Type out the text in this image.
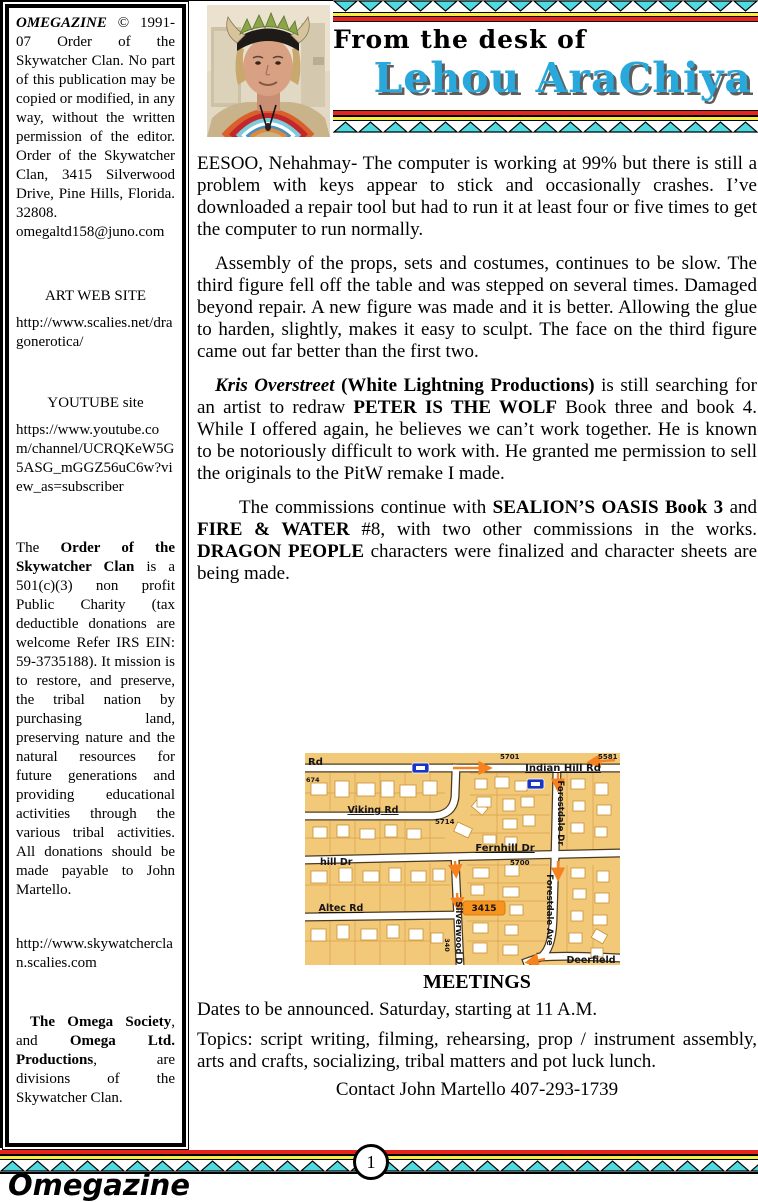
OMEGAZINE © 1991-07 Order of the Skywatcher Clan. No part of this publication may be copied or modified, in any way, without the written permission of the editor. Order of the Skywatcher Clan, 3415 Silverwood Drive, Pine Hills, Florida. 32808. omegaltd158@juno.com

ART WEB SITE

http://www.scalies.net/dragonerotica/

YOUTUBE site

https://www.youtube.com/channel/UCRQKeW5G5ASG_mGGZ56uC6w?view_as=subscriber

The Order of the Skywatcher Clan is a 501(c)(3) non profit Public Charity (tax deductible donations are welcome Refer IRS EIN: 59-3735188). It mission is to restore, and preserve, the tribal nation by purchasing land, preserving nature and the natural resources for future generations and providing educational activities through the various tribal activities. All donations should be made payable to John Martello.

http://www.skywatcherclan.scalies.com

The Omega Society, and Omega Ltd. Productions, are divisions of the Skywatcher Clan.

From the desk of
Lehou AraChiya

EESOO, Nehahmay- The computer is working at 99% but there is still a problem with keys appear to stick and occasionally crashes. I’ve downloaded a repair tool but had to run it at least four or five times to get the computer to run normally.

Assembly of the props, sets and costumes, continues to be slow. The third figure fell off the table and was stepped on several times. Damaged beyond repair. A new figure was made and it is better. Allowing the glue to harden, slightly, makes it easy to sculpt. The face on the third figure came out far better than the first two.

Kris Overstreet (White Lightning Productions) is still searching for an artist to redraw PETER IS THE WOLF Book three and book 4. While I offered again, he believes we can’t work together. He is known to be notoriously difficult to work with. He granted me permission to sell the originals to the PitW remake I made.

The commissions continue with SEALION’S OASIS Book 3 and FIRE & WATER #8, with two other commissions in the works. DRAGON PEOPLE characters were finalized and character sheets are being made.

Rd
674
5701	5581
Indian Hill Rd
Viking Rd
5714
Fernhill Dr
hill Dr	5700
Altec Rd	3415
Silverwood Dr
340
Forestdale Dr
Forestdale Ave
Deerfield

MEETINGS

Dates to be announced. Saturday, starting at 11 A.M.

Topics: script writing, filming, rehearsing, prop / instrument assembly, arts and crafts, socializing, tribal matters and pot luck lunch.

Contact John Martello 407-293-1739

1
Omegazine
